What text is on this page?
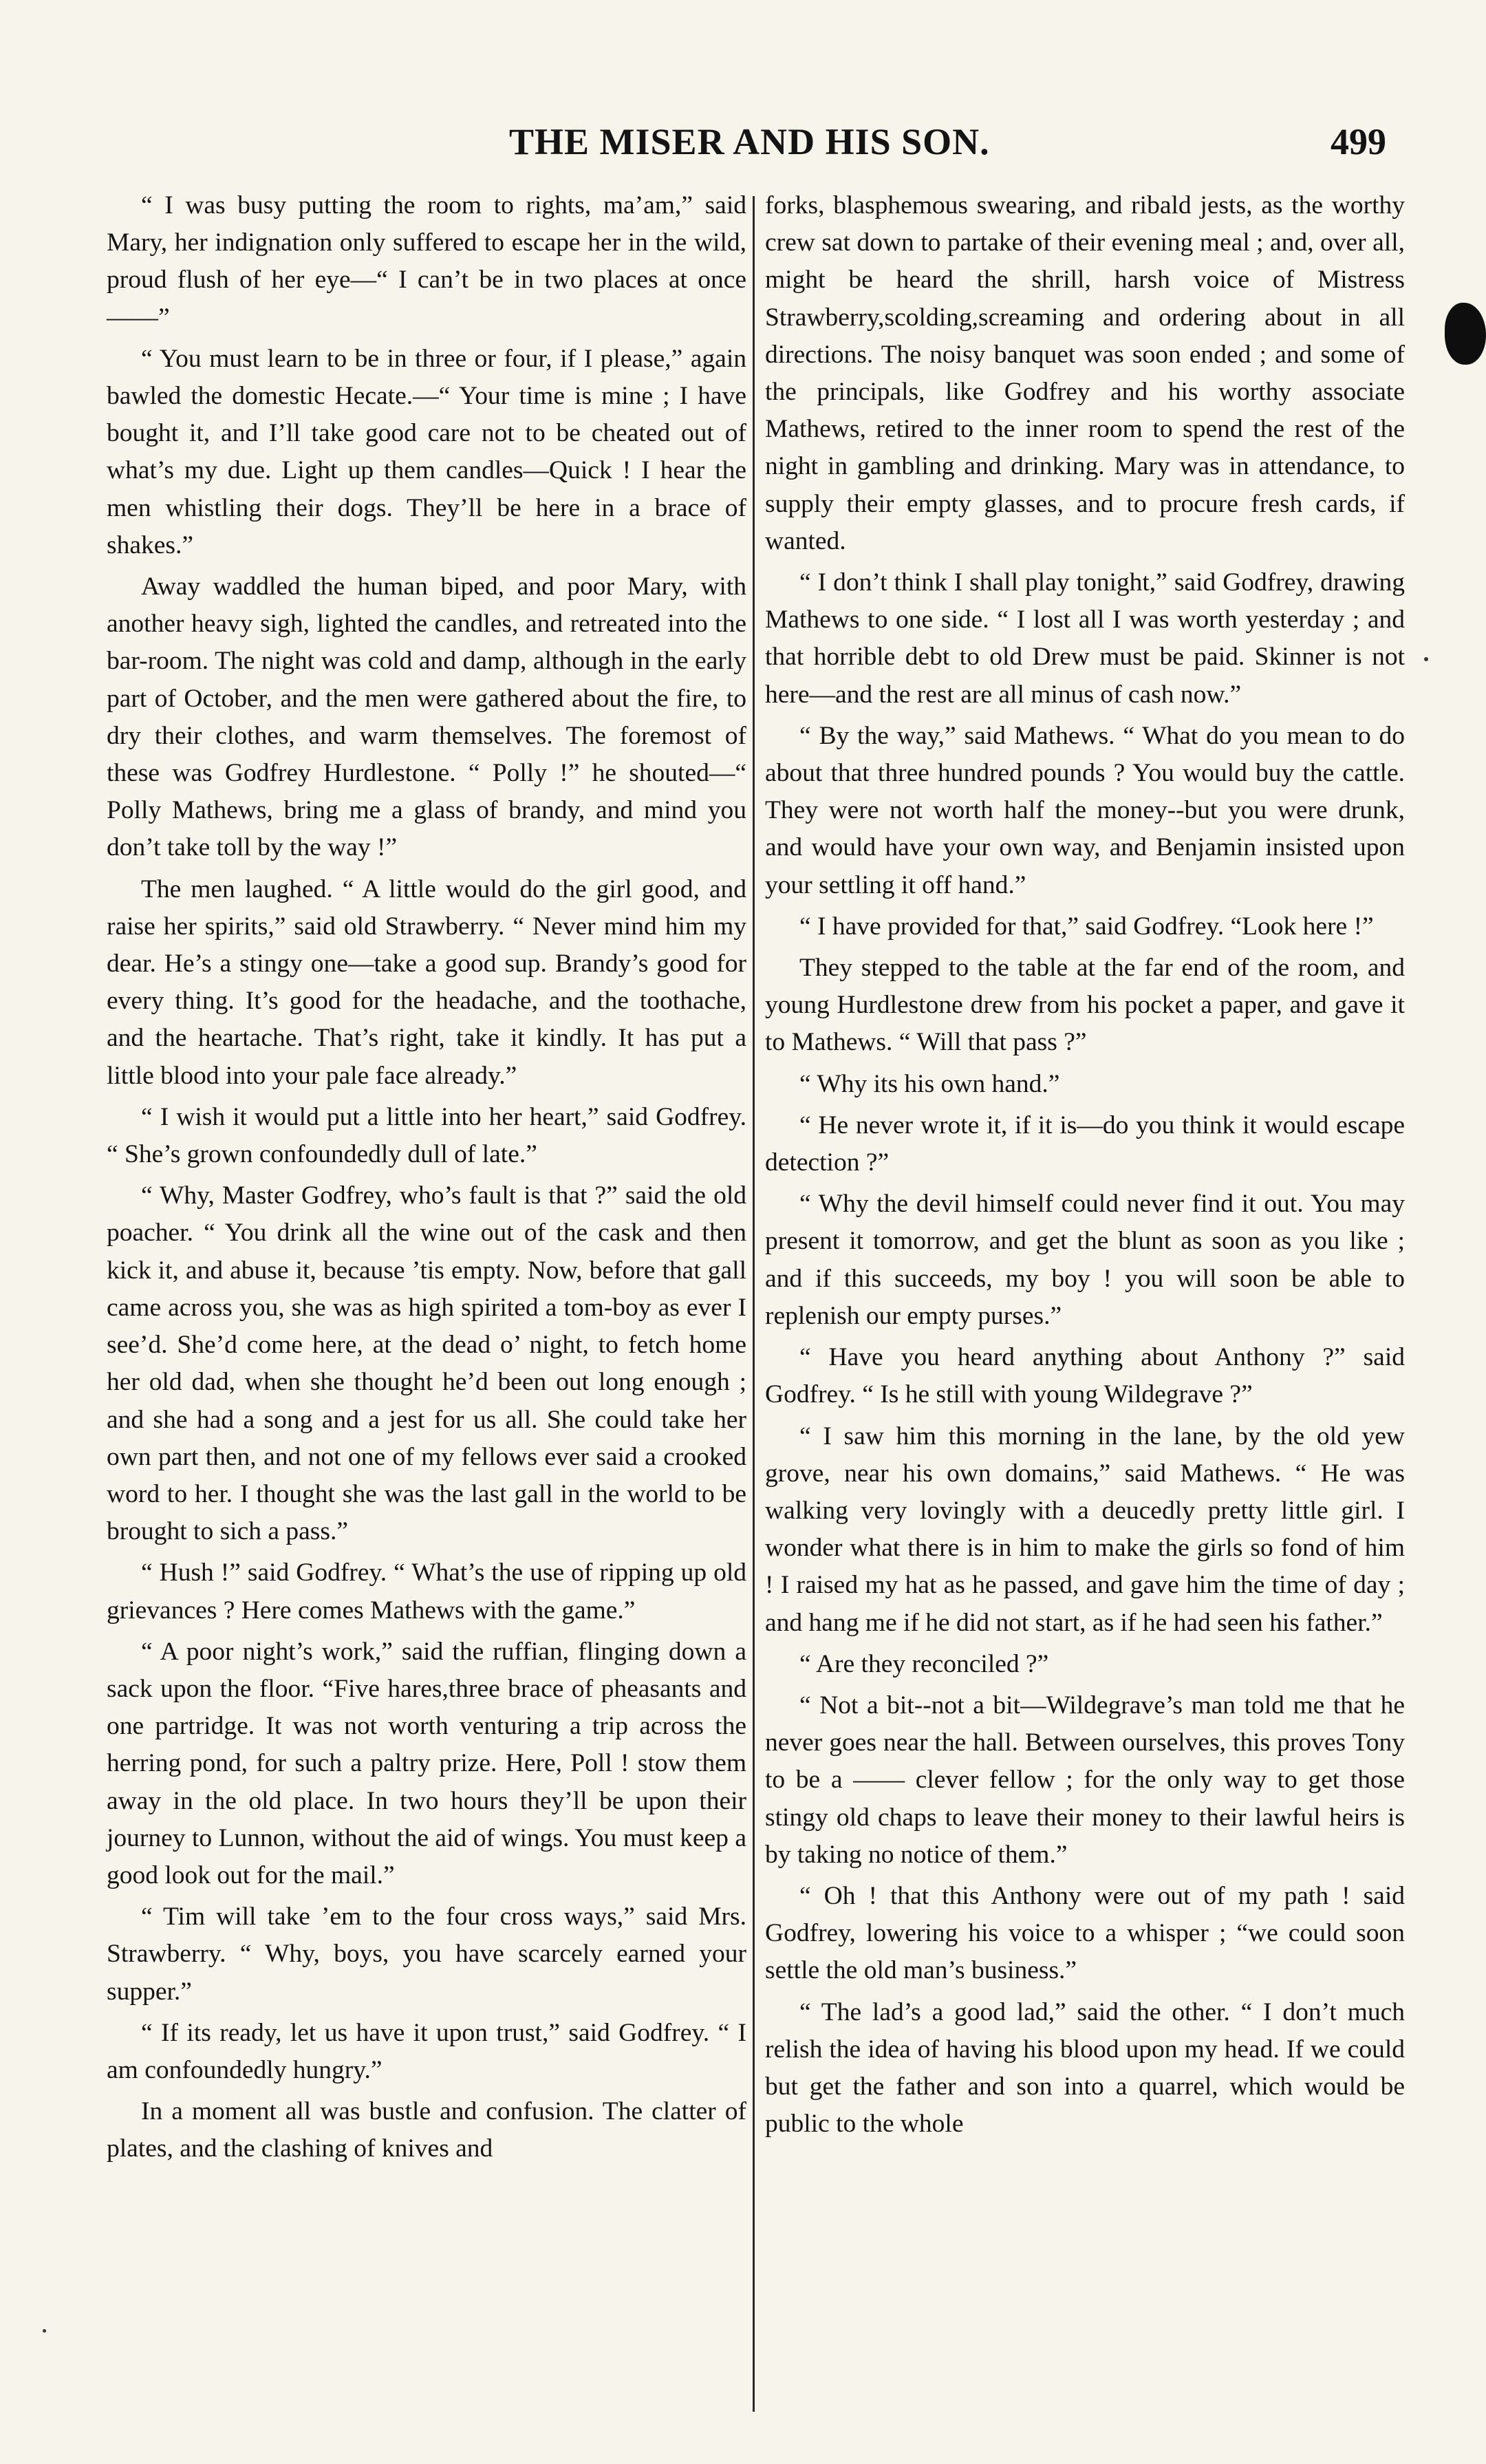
THE MISER AND HIS SON.	499

“ I was busy putting the room to rights, ma’am,” said Mary, her indignation only suffered to escape her in the wild, proud flush of her eye—“ I can’t be in two places at once——”

“ You must learn to be in three or four, if I please,” again bawled the domestic Hecate.—“ Your time is mine ; I have bought it, and I’ll take good care not to be cheated out of what’s my due. Light up them candles—Quick ! I hear the men whistling their dogs. They’ll be here in a brace of shakes.”

Away waddled the human biped, and poor Mary, with another heavy sigh, lighted the candles, and retreated into the bar-room. The night was cold and damp, although in the early part of October, and the men were gathered about the fire, to dry their clothes, and warm themselves. The foremost of these was Godfrey Hurdlestone. “ Polly !” he shouted—“ Polly Mathews, bring me a glass of brandy, and mind you don’t take toll by the way !”

The men laughed. “ A little would do the girl good, and raise her spirits,” said old Strawberry. “ Never mind him my dear. He’s a stingy one—take a good sup. Brandy’s good for every thing. It’s good for the headache, and the toothache, and the heartache. That’s right, take it kindly. It has put a little blood into your pale face already.”

“ I wish it would put a little into her heart,” said Godfrey. “ She’s grown confoundedly dull of late.”

“ Why, Master Godfrey, who’s fault is that ?” said the old poacher. “ You drink all the wine out of the cask and then kick it, and abuse it, because ’tis empty. Now, before that gall came across you, she was as high spirited a tom-boy as ever I see’d. She’d come here, at the dead o’ night, to fetch home her old dad, when she thought he’d been out long enough ; and she had a song and a jest for us all. She could take her own part then, and not one of my fellows ever said a crooked word to her. I thought she was the last gall in the world to be brought to sich a pass.”

“ Hush !” said Godfrey. “ What’s the use of ripping up old grievances ? Here comes Mathews with the game.”

“ A poor night’s work,” said the ruffian, flinging down a sack upon the floor. “Five hares,three brace of pheasants and one partridge. It was not worth venturing a trip across the herring pond, for such a paltry prize. Here, Poll ! stow them away in the old place. In two hours they’ll be upon their journey to Lunnon, without the aid of wings. You must keep a good look out for the mail.”

“ Tim will take ’em to the four cross ways,” said Mrs. Strawberry. “ Why, boys, you have scarcely earned your supper.”

“ If its ready, let us have it upon trust,” said Godfrey. “ I am confoundedly hungry.”

In a moment all was bustle and confusion. The clatter of plates, and the clashing of knives and

forks, blasphemous swearing, and ribald jests, as the worthy crew sat down to partake of their evening meal ; and, over all, might be heard the shrill, harsh voice of Mistress Strawberry,scolding,screaming and ordering about in all directions. The noisy banquet was soon ended ; and some of the principals, like Godfrey and his worthy associate Mathews, retired to the inner room to spend the rest of the night in gambling and drinking. Mary was in attendance, to supply their empty glasses, and to procure fresh cards, if wanted.

“ I don’t think I shall play tonight,” said Godfrey, drawing Mathews to one side. “ I lost all I was worth yesterday ; and that horrible debt to old Drew must be paid. Skinner is not here—and the rest are all minus of cash now.”

“ By the way,” said Mathews. “ What do you mean to do about that three hundred pounds ? You would buy the cattle. They were not worth half the money--but you were drunk, and would have your own way, and Benjamin insisted upon your settling it off hand.”

“ I have provided for that,” said Godfrey. “Look here !”

They stepped to the table at the far end of the room, and young Hurdlestone drew from his pocket a paper, and gave it to Mathews. “ Will that pass ?”

“ Why its his own hand.”

“ He never wrote it, if it is—do you think it would escape detection ?”

“ Why the devil himself could never find it out. You may present it tomorrow, and get the blunt as soon as you like ; and if this succeeds, my boy ! you will soon be able to replenish our empty purses.”

“ Have you heard anything about Anthony ?” said Godfrey. “ Is he still with young Wildegrave ?”

“ I saw him this morning in the lane, by the old yew grove, near his own domains,” said Mathews. “ He was walking very lovingly with a deucedly pretty little girl. I wonder what there is in him to make the girls so fond of him ! I raised my hat as he passed, and gave him the time of day ; and hang me if he did not start, as if he had seen his father.”

“ Are they reconciled ?”

“ Not a bit--not a bit—Wildegrave’s man told me that he never goes near the hall. Between ourselves, this proves Tony to be a —— clever fellow ; for the only way to get those stingy old chaps to leave their money to their lawful heirs is by taking no notice of them.”

“ Oh ! that this Anthony were out of my path ! said Godfrey, lowering his voice to a whisper ; “we could soon settle the old man’s business.”

“ The lad’s a good lad,” said the other. “ I don’t much relish the idea of having his blood upon my head. If we could but get the father and son into a quarrel, which would be public to the whole
